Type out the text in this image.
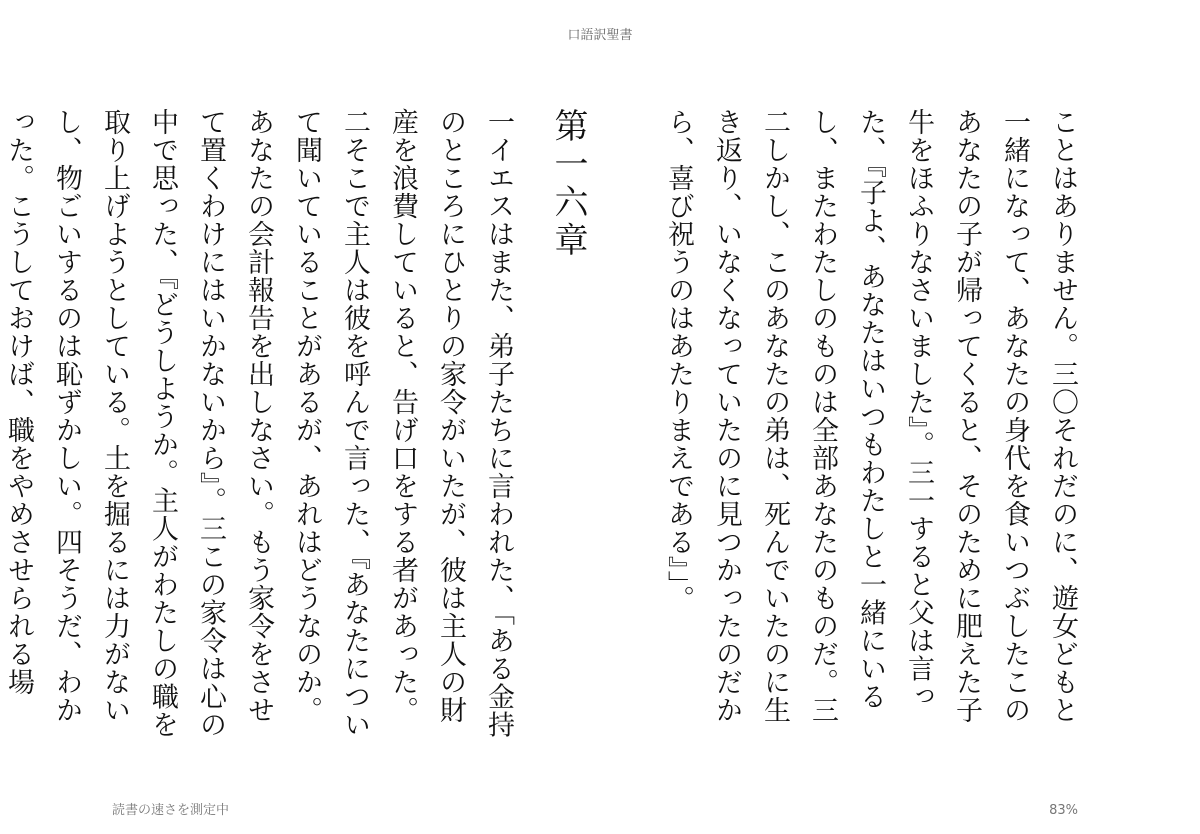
口語訳聖書

ことはありません。三〇それだのに、遊女どもと一緒になって、あなたの身代を食いつぶしたこのあなたの子が帰ってくると、そのために肥えた子牛をほふりなさいました』。三一すると父は言った、『子よ、あなたはいつもわたしと一緒にいるし、またわたしのものは全部あなたのものだ。三二しかし、このあなたの弟は、死んでいたのに生き返り、いなくなっていたのに見つかったのだから、喜び祝うのはあたりまえである』」。

第一六章

一イエスはまた、弟子たちに言われた、「ある金持のところにひとりの家令がいたが、彼は主人の財産を浪費していると、告げ口をする者があった。二そこで主人は彼を呼んで言った、『あなたについて聞いていることがあるが、あれはどうなのか。あなたの会計報告を出しなさい。もう家令をさせて置くわけにはいかないから』。三この家令は心の中で思った、『どうしようか。主人がわたしの職を取り上げようとしている。土を掘るには力がないし、物ごいするのは恥ずかしい。四そうだ、わかった。こうしておけば、職をやめさせられる場

読書の速さを測定中	83%
